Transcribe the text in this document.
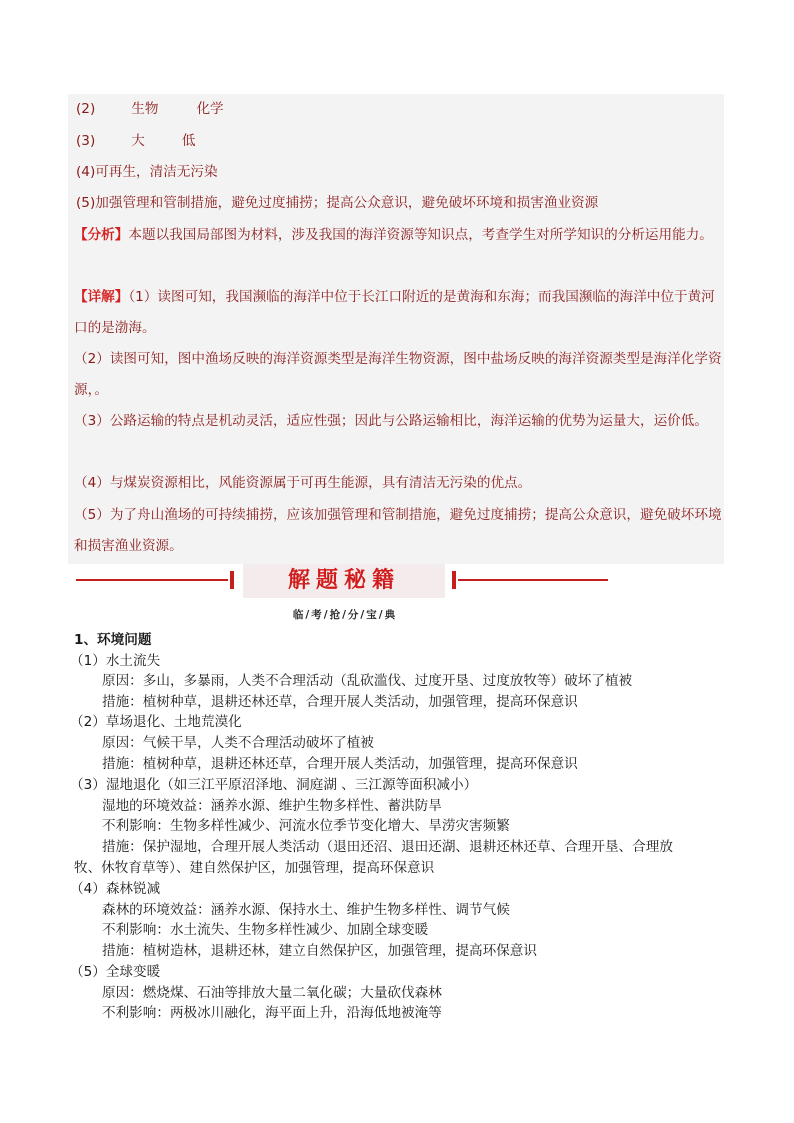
(2)	生物	化学
(3)	大	低
(4)可再生，清洁无污染
(5)加强管理和管制措施，避免过度捕捞；提高公众意识，避免破坏环境和损害渔业资源
【分析】本题以我国局部图为材料，涉及我国的海洋资源等知识点，考查学生对所学知识的分析运用能力。
【详解】（1）读图可知，我国濒临的海洋中位于长江口附近的是黄海和东海；而我国濒临的海洋中位于黄河口的是渤海。
（2）读图可知，图中渔场反映的海洋资源类型是海洋生物资源，图中盐场反映的海洋资源类型是海洋化学资源，。
（3）公路运输的特点是机动灵活，适应性强；因此与公路运输相比，海洋运输的优势为运量大，运价低。
（4）与煤炭资源相比，风能资源属于可再生能源，具有清洁无污染的优点。
（5）为了舟山渔场的可持续捕捞，应该加强管理和管制措施，避免过度捕捞；提高公众意识，避免破坏环境和损害渔业资源。
解题秘籍
临/考/抢/分/宝/典
1、环境问题
（1）水土流失
原因：多山，多暴雨，人类不合理活动（乱砍滥伐、过度开垦、过度放牧等）破坏了植被
措施：植树种草，退耕还林还草，合理开展人类活动，加强管理，提高环保意识
（2）草场退化、土地荒漠化
原因：气候干旱，人类不合理活动破坏了植被
措施：植树种草，退耕还林还草，合理开展人类活动，加强管理，提高环保意识
（3）湿地退化（如三江平原沼泽地、洞庭湖 、三江源等面积减小）
湿地的环境效益：涵养水源、维护生物多样性、蓄洪防旱
不利影响：生物多样性减少、河流水位季节变化增大、旱涝灾害频繁
措施：保护湿地，合理开展人类活动（退田还沼、退田还湖、退耕还林还草、合理开垦、合理放
牧、休牧育草等）、建自然保护区，加强管理，提高环保意识
（4）森林锐减
森林的环境效益：涵养水源、保持水土、维护生物多样性、调节气候
不利影响：水土流失、生物多样性减少、加剧全球变暖
措施：植树造林，退耕还林，建立自然保护区，加强管理，提高环保意识
（5）全球变暖
原因：燃烧煤、石油等排放大量二氧化碳；大量砍伐森林
不利影响：两极冰川融化，海平面上升，沿海低地被淹等
